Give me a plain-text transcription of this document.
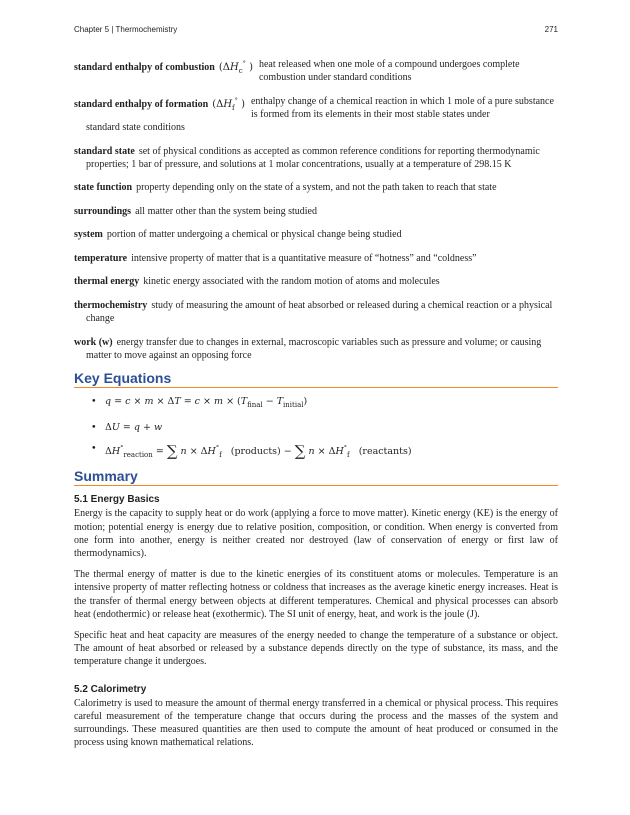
Chapter 5 | Thermochemistry	271
standard enthalpy of combustion ($\Delta H_c^\circ$ ) heat released when one mole of a compound undergoes complete combustion under standard conditions
standard enthalpy of formation ($\Delta H_f^\circ$ ) enthalpy change of a chemical reaction in which 1 mole of a pure substance is formed from its elements in their most stable states under
standard state conditions

standard state set of physical conditions as accepted as common reference conditions for reporting thermodynamic properties; 1 bar of pressure, and solutions at 1 molar concentrations, usually at a temperature of 298.15 K

state function property depending only on the state of a system, and not the path taken to reach that state

surroundings all matter other than the system being studied

system portion of matter undergoing a chemical or physical change being studied

temperature intensive property of matter that is a quantitative measure of “hotness” and “coldness”

thermal energy kinetic energy associated with the random motion of atoms and molecules

thermochemistry study of measuring the amount of heat absorbed or released during a chemical reaction or a physical change

work (w) energy transfer due to changes in external, macroscopic variables such as pressure and volume; or causing matter to move against an opposing force

Key Equations
• $q = c \times m \times \Delta T = c \times m \times (T_{final} - T_{initial})$
• ΔU = q + w
• $\Delta H^\circ_{reaction}$ = ∑ $n \times \Delta H^\circ_f$   (products) − ∑ $n \times \Delta H^\circ_f$   (reactants)
Summary
5.1 Energy Basics

Energy is the capacity to supply heat or do work (applying a force to move matter). Kinetic energy (KE) is the energy of motion; potential energy is energy due to relative position, composition, or condition. When energy is converted from one form into another, energy is neither created nor destroyed (law of conservation of energy or first law of thermodynamics).

The thermal energy of matter is due to the kinetic energies of its constituent atoms or molecules. Temperature is an intensive property of matter reflecting hotness or coldness that increases as the average kinetic energy increases. Heat is the transfer of thermal energy between objects at different temperatures. Chemical and physical processes can absorb heat (endothermic) or release heat (exothermic). The SI unit of energy, heat, and work is the joule (J).

Specific heat and heat capacity are measures of the energy needed to change the temperature of a substance or object. The amount of heat absorbed or released by a substance depends directly on the type of substance, its mass, and the temperature change it undergoes.

5.2 Calorimetry

Calorimetry is used to measure the amount of thermal energy transferred in a chemical or physical process. This requires careful measurement of the temperature change that occurs during the process and the masses of the system and surroundings. These measured quantities are then used to compute the amount of heat produced or consumed in the process using known mathematical relations.
